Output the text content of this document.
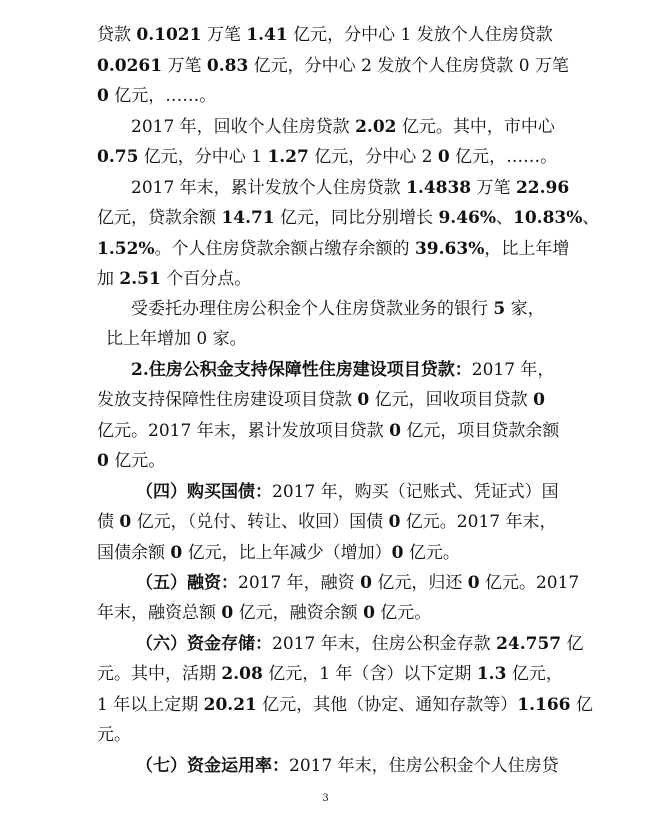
贷款 0.1021 万笔 1.41 亿元，分中心 1 发放个人住房贷款
0.0261 万笔 0.83 亿元，分中心 2 发放个人住房贷款 0 万笔
0 亿元，……。
2017 年，回收个人住房贷款 2.02 亿元。其中，市中心
0.75 亿元，分中心 1 1.27 亿元，分中心 2 0 亿元，……。
2017 年末，累计发放个人住房贷款 1.4838 万笔 22.96
亿元，贷款余额 14.71 亿元，同比分别增长 9.46%、10.83%、
1.52%。个人住房贷款余额占缴存余额的 39.63%，比上年增
加 2.51 个百分点。
受委托办理住房公积金个人住房贷款业务的银行 5 家，
比上年增加 0 家。
2.住房公积金支持保障性住房建设项目贷款：2017 年，
发放支持保障性住房建设项目贷款 0 亿元，回收项目贷款 0
亿元。2017 年末，累计发放项目贷款 0 亿元，项目贷款余额
0 亿元。
（四）购买国债：2017 年，购买（记账式、凭证式）国
债 0 亿元，（兑付、转让、收回）国债 0 亿元。2017 年末，
国债余额 0 亿元，比上年减少（增加）0 亿元。
（五）融资：2017 年，融资 0 亿元，归还 0 亿元。2017
年末，融资总额 0 亿元，融资余额 0 亿元。
（六）资金存储：2017 年末，住房公积金存款 24.757 亿
元。其中，活期 2.08 亿元，1 年（含）以下定期 1.3 亿元，
1 年以上定期 20.21 亿元，其他（协定、通知存款等）1.166 亿
元。
（七）资金运用率：2017 年末，住房公积金个人住房贷
3
